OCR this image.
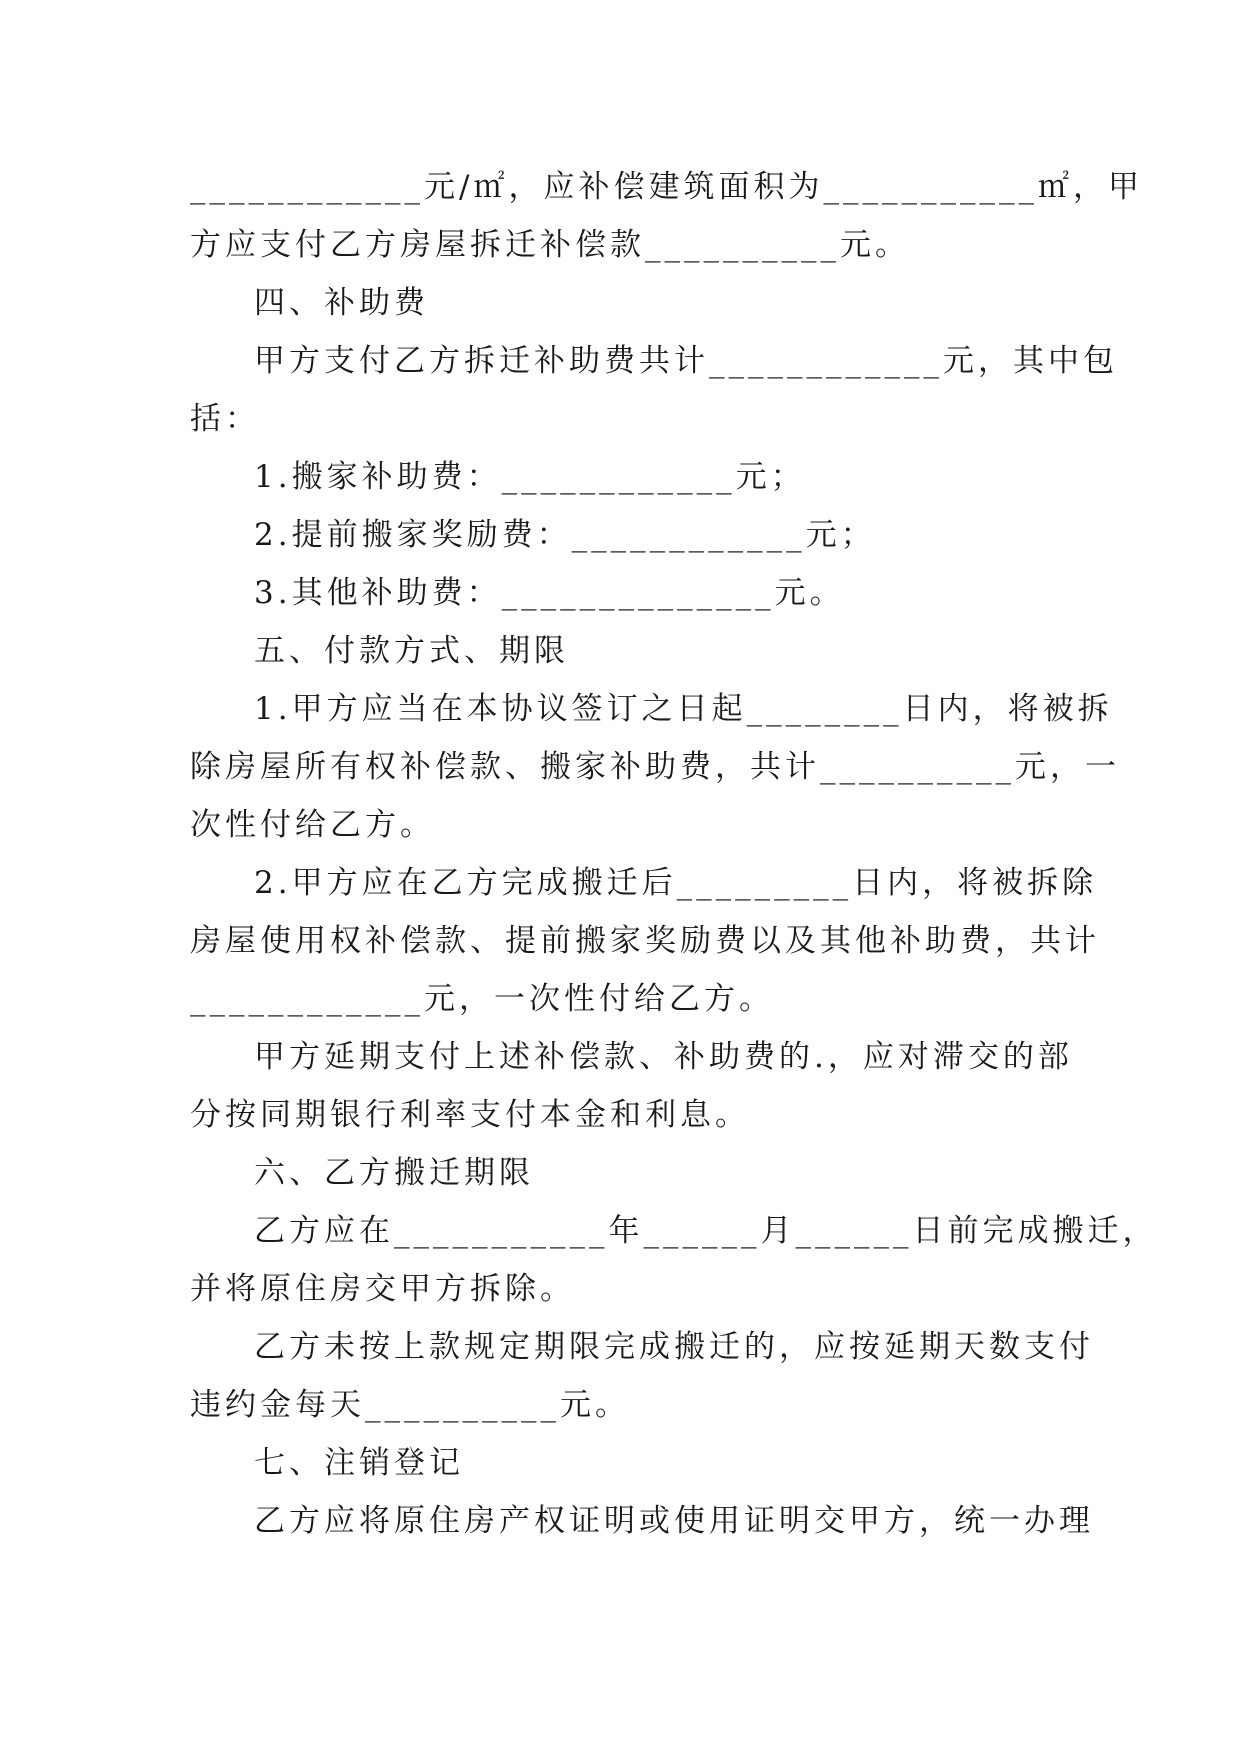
____________元/㎡，应补偿建筑面积为___________㎡，甲
方应支付乙方房屋拆迁补偿款__________元。
四、补助费
甲方支付乙方拆迁补助费共计____________元，其中包
括：
1.搬家补助费：____________元；
2.提前搬家奖励费：____________元；
3.其他补助费：______________元。
五、付款方式、期限
1.甲方应当在本协议签订之日起________日内，将被拆
除房屋所有权补偿款、搬家补助费，共计__________元，一
次性付给乙方。
2.甲方应在乙方完成搬迁后_________日内，将被拆除
房屋使用权补偿款、提前搬家奖励费以及其他补助费，共计
____________元，一次性付给乙方。
甲方延期支付上述补偿款、补助费的.，应对滞交的部
分按同期银行利率支付本金和利息。
六、乙方搬迁期限
乙方应在___________年______月______日前完成搬迁，
并将原住房交甲方拆除。
乙方未按上款规定期限完成搬迁的，应按延期天数支付
违约金每天__________元。
七、注销登记
乙方应将原住房产权证明或使用证明交甲方，统一办理
